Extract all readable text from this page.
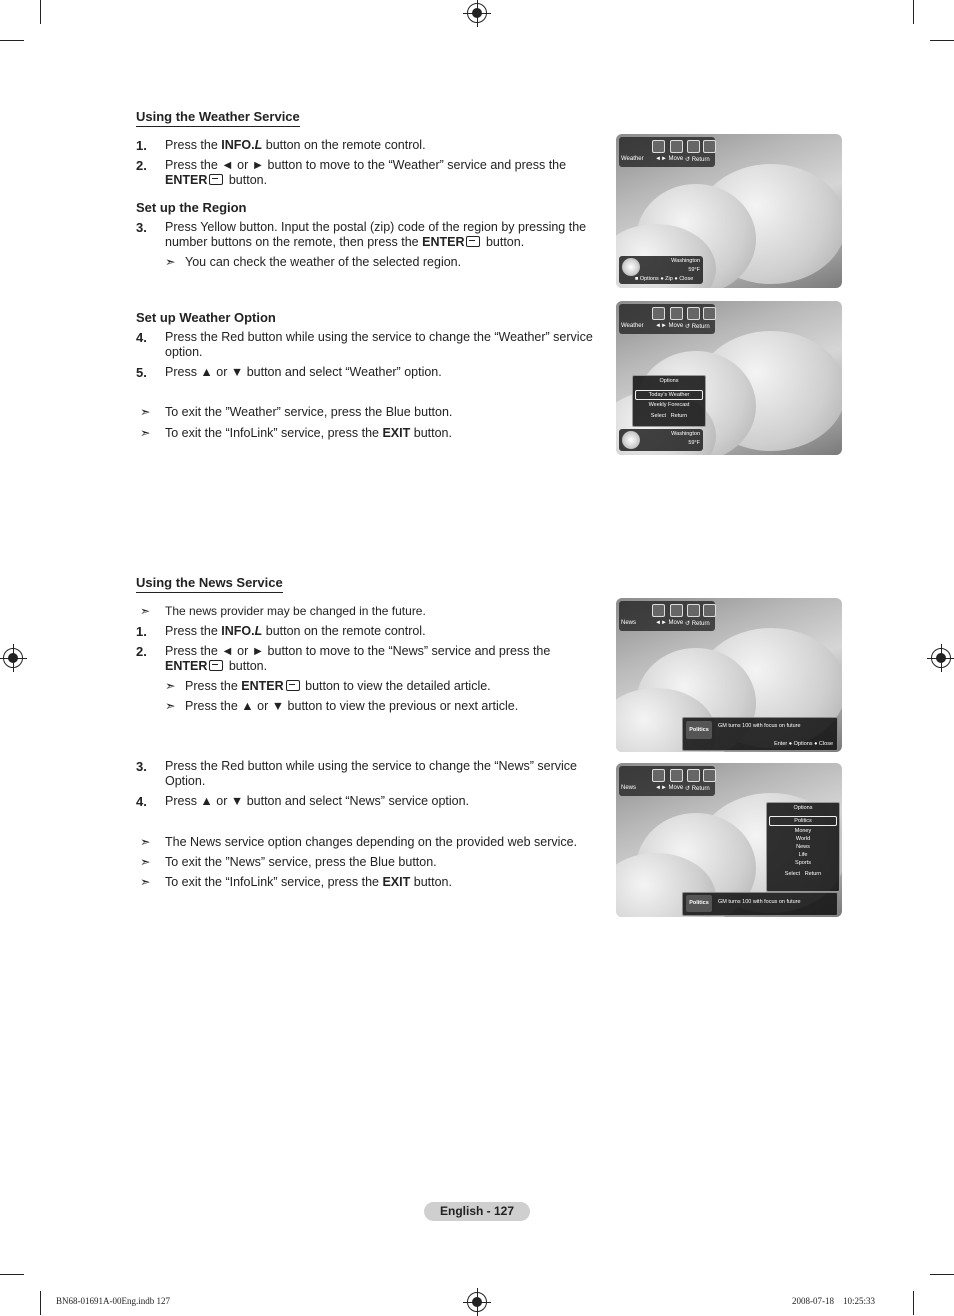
Using the Weather Service
1. Press the INFO.L button on the remote control.
2. Press the ◄ or ► button to move to the “Weather” service and press the
ENTER button.
Set up the Region
3. Press Yellow button. Input the postal (zip) code of the region by pressing the number buttons on the remote, then press the ENTER button.
➣ You can check the weather of the selected region.
Set up Weather Option
4. Press the Red button while using the service to change the “Weather” service option.
5. Press ▲ or ▼ button and select “Weather” option.
➣ To exit the ”Weather” service, press the Blue button.
➣ To exit the “InfoLink” service, press the EXIT button.
Weather ◄► Move ↺ Return
Washington
59°F
■ Options ● Zip ● Close
Weather ◄► Move ↺ Return
Options
Today’s Weather
Weekly Forecast
Select Return
Washington
59°F
Using the News Service
➣ The news provider may be changed in the future.
1. Press the INFO.L button on the remote control.
2. Press the ◄ or ► button to move to the “News” service and press the
ENTER button.
➣ Press the ENTER button to view the detailed article.
➣ Press the ▲ or ▼ button to view the previous or next article.
3. Press the Red button while using the service to change the “News” service Option.
4. Press ▲ or ▼ button and select “News” service option.
➣ The News service option changes depending on the provided web service.
➣ To exit the ”News” service, press the Blue button.
➣ To exit the “InfoLink” service, press the EXIT button.
News	◄► Move ↺ Return
Politics
GM turns 100 with focus on future
Enter ● Options ● Close
News	◄► Move ↺ Return
Options
Politics
Money
World
News
Life
Sports
Select Return
Politics	GM turns 100 with focus on future
English - 127
BN68-01691A-00Eng.indb 127	2008-07-18    10:25:33
